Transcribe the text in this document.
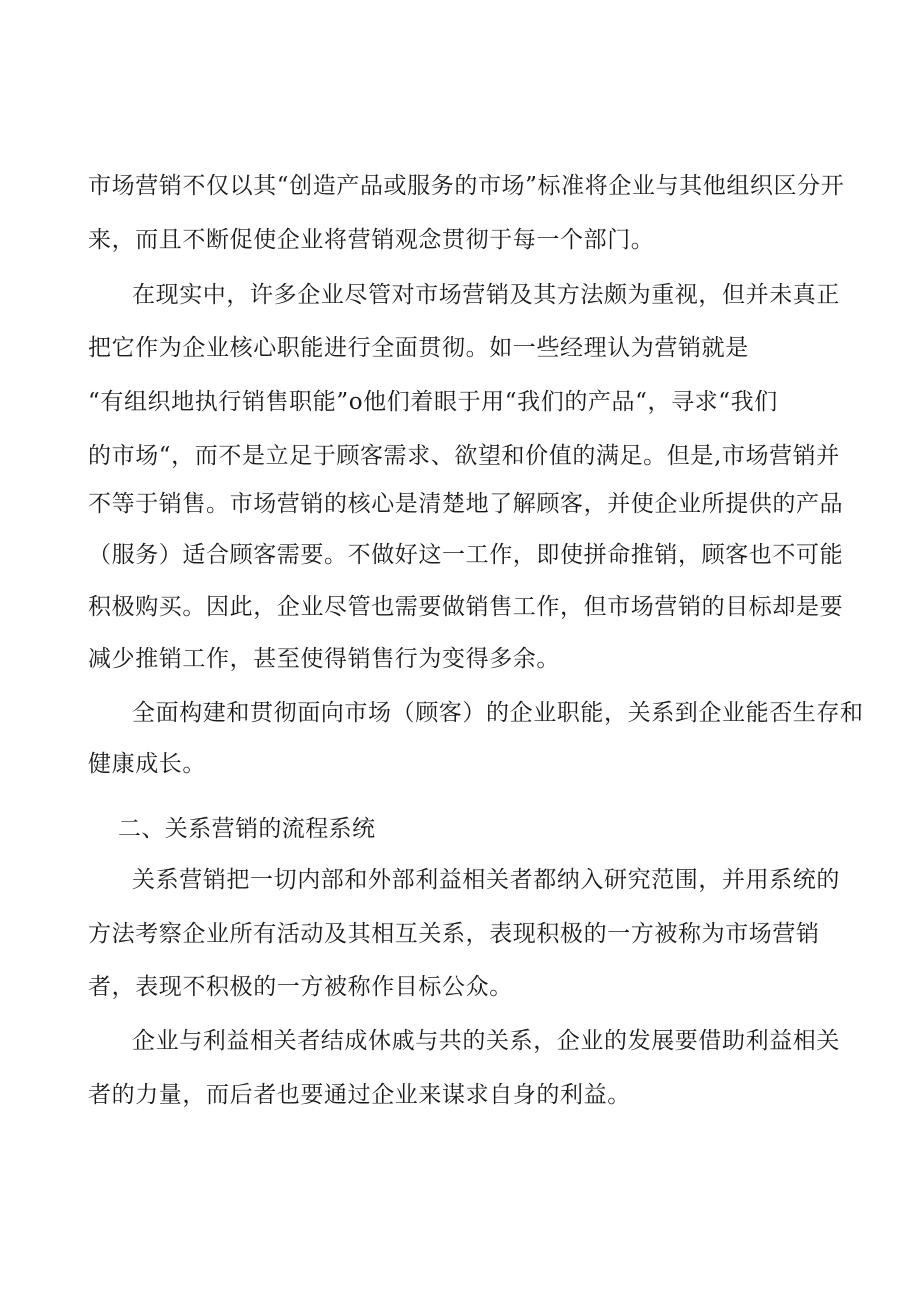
市场营销不仅以其“创造产品或服务的市场”标准将企业与其他组织区分开
来，而且不断促使企业将营销观念贯彻于每一个部门。
在现实中，许多企业尽管对市场营销及其方法颇为重视，但并未真正
把它作为企业核心职能进行全面贯彻。如一些经理认为营销就是
“有组织地执行销售职能”o他们着眼于用“我们的产品“，寻求“我们
的市场“，而不是立足于顾客需求、欲望和价值的满足。但是,市场营销并
不等于销售。市场营销的核心是清楚地了解顾客，并使企业所提供的产品
（服务）适合顾客需要。不做好这一工作，即使拼命推销，顾客也不可能
积极购买。因此，企业尽管也需要做销售工作，但市场营销的目标却是要
减少推销工作，甚至使得销售行为变得多余。
全面构建和贯彻面向市场（顾客）的企业职能，关系到企业能否生存和
健康成长。
二、关系营销的流程系统
关系营销把一切内部和外部利益相关者都纳入研究范围，并用系统的
方法考察企业所有活动及其相互关系，表现积极的一方被称为市场营销
者，表现不积极的一方被称作目标公众。
企业与利益相关者结成休戚与共的关系，企业的发展要借助利益相关
者的力量，而后者也要通过企业来谋求自身的利益。
